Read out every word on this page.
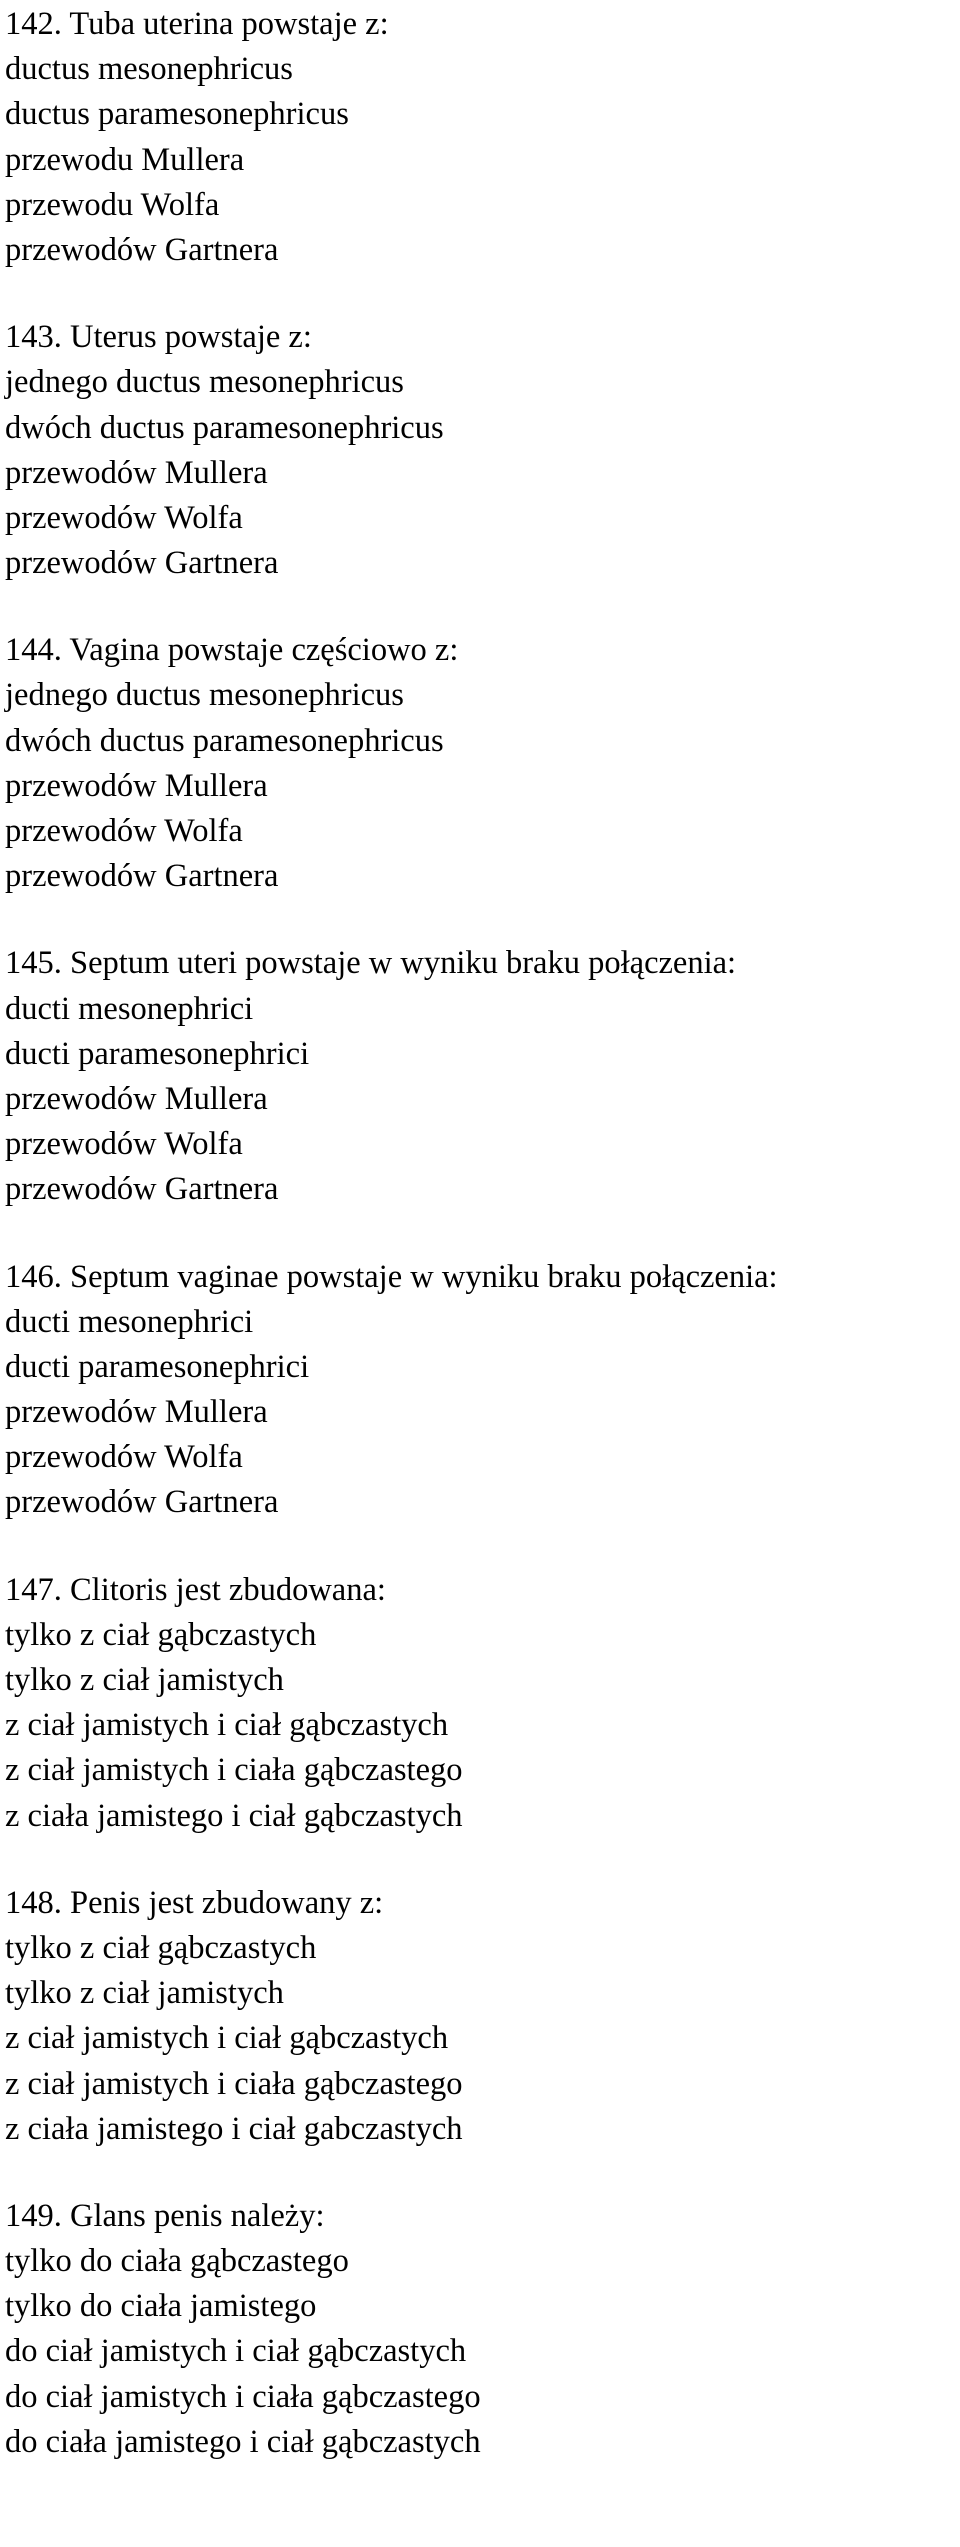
142. Tuba uterina powstaje z:
ductus mesonephricus
ductus paramesonephricus
przewodu Mullera
przewodu Wolfa
przewodów Gartnera
143. Uterus powstaje z:
jednego ductus mesonephricus
dwóch ductus paramesonephricus
przewodów Mullera
przewodów Wolfa
przewodów Gartnera
144. Vagina powstaje częściowo z:
jednego ductus mesonephricus
dwóch ductus paramesonephricus
przewodów Mullera
przewodów Wolfa
przewodów Gartnera
145. Septum uteri powstaje w wyniku braku połączenia:
ducti mesonephrici
ducti paramesonephrici
przewodów Mullera
przewodów Wolfa
przewodów Gartnera
146. Septum vaginae powstaje w wyniku braku połączenia:
ducti mesonephrici
ducti paramesonephrici
przewodów Mullera
przewodów Wolfa
przewodów Gartnera
147. Clitoris jest zbudowana:
tylko z ciał gąbczastych
tylko z ciał jamistych
z ciał jamistych i ciał gąbczastych
z ciał jamistych i ciała gąbczastego
z ciała jamistego i ciał gąbczastych
148. Penis jest zbudowany z:
tylko z ciał gąbczastych
tylko z ciał jamistych
z ciał jamistych i ciał gąbczastych
z ciał jamistych i ciała gąbczastego
z ciała jamistego i ciał gabczastych
149. Glans penis należy:
tylko do ciała gąbczastego
tylko do ciała jamistego
do ciał jamistych i ciał gąbczastych
do ciał jamistych i ciała gąbczastego
do ciała jamistego i ciał gąbczastych
